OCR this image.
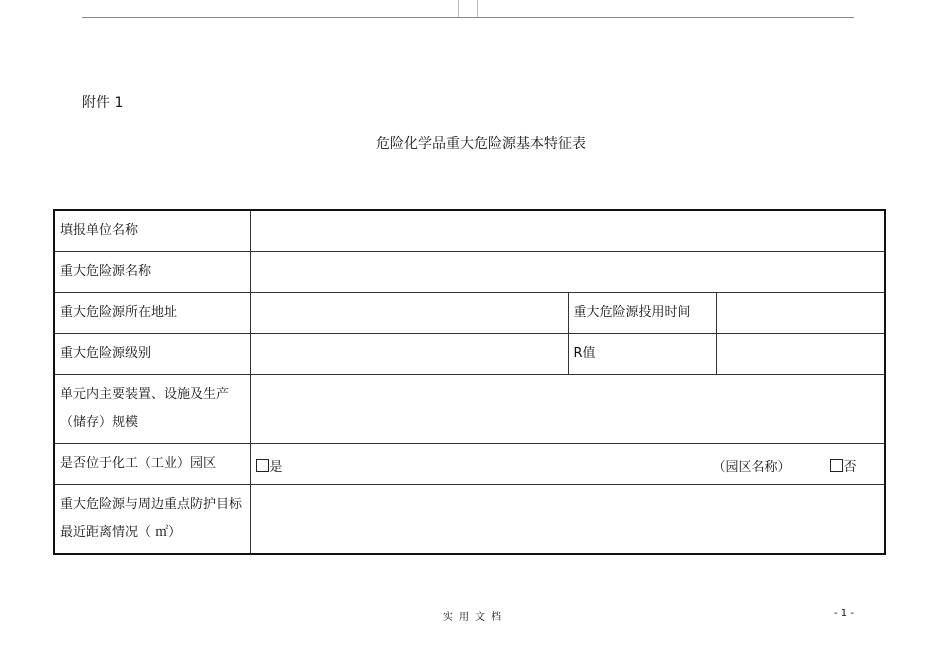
附件 1
危险化学品重大危险源基本特征表
填报单位名称			
重大危险源名称			
重大危险源所在地址		重大危险源投用时间	
重大危险源级别		R值	
单元内主要装置、设施及生产（储存）规模			
是否位于化工（工业）园区	是 （园区名称） 否		

重大危险源与周边重点防护目标最近距离情况（ ㎡）			
实用文档	- 1 -
